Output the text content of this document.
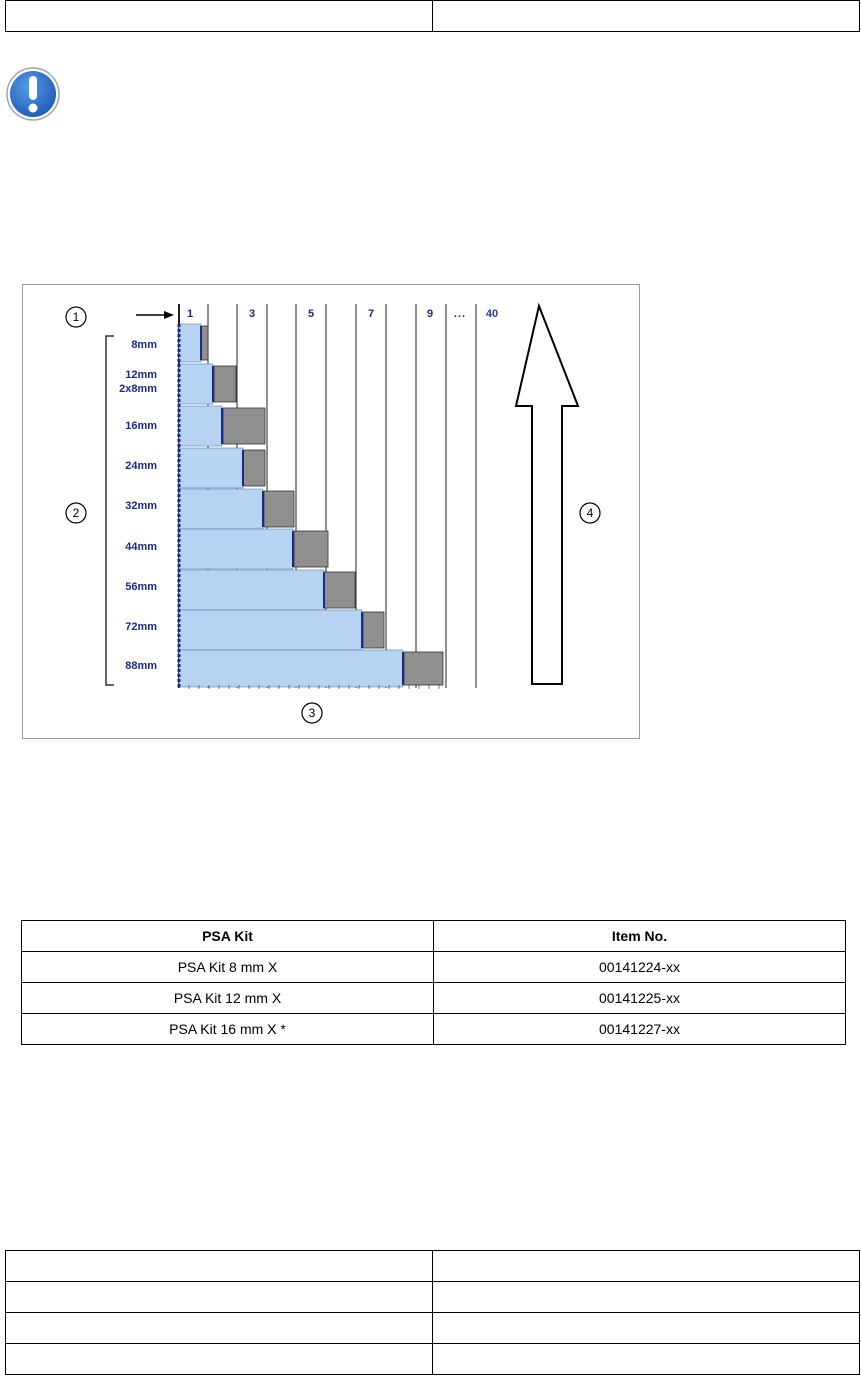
1	3	5	7	9 ... 40
1
2
3
4
8mm
12mm
2x8mm
16mm
24mm
32mm
44mm
56mm
72mm
88mm
PSA Kit	Item No.
PSA Kit 8 mm X	00141224-xx
PSA Kit 12 mm X	00141225-xx
PSA Kit 16 mm X *	00141227-xx
